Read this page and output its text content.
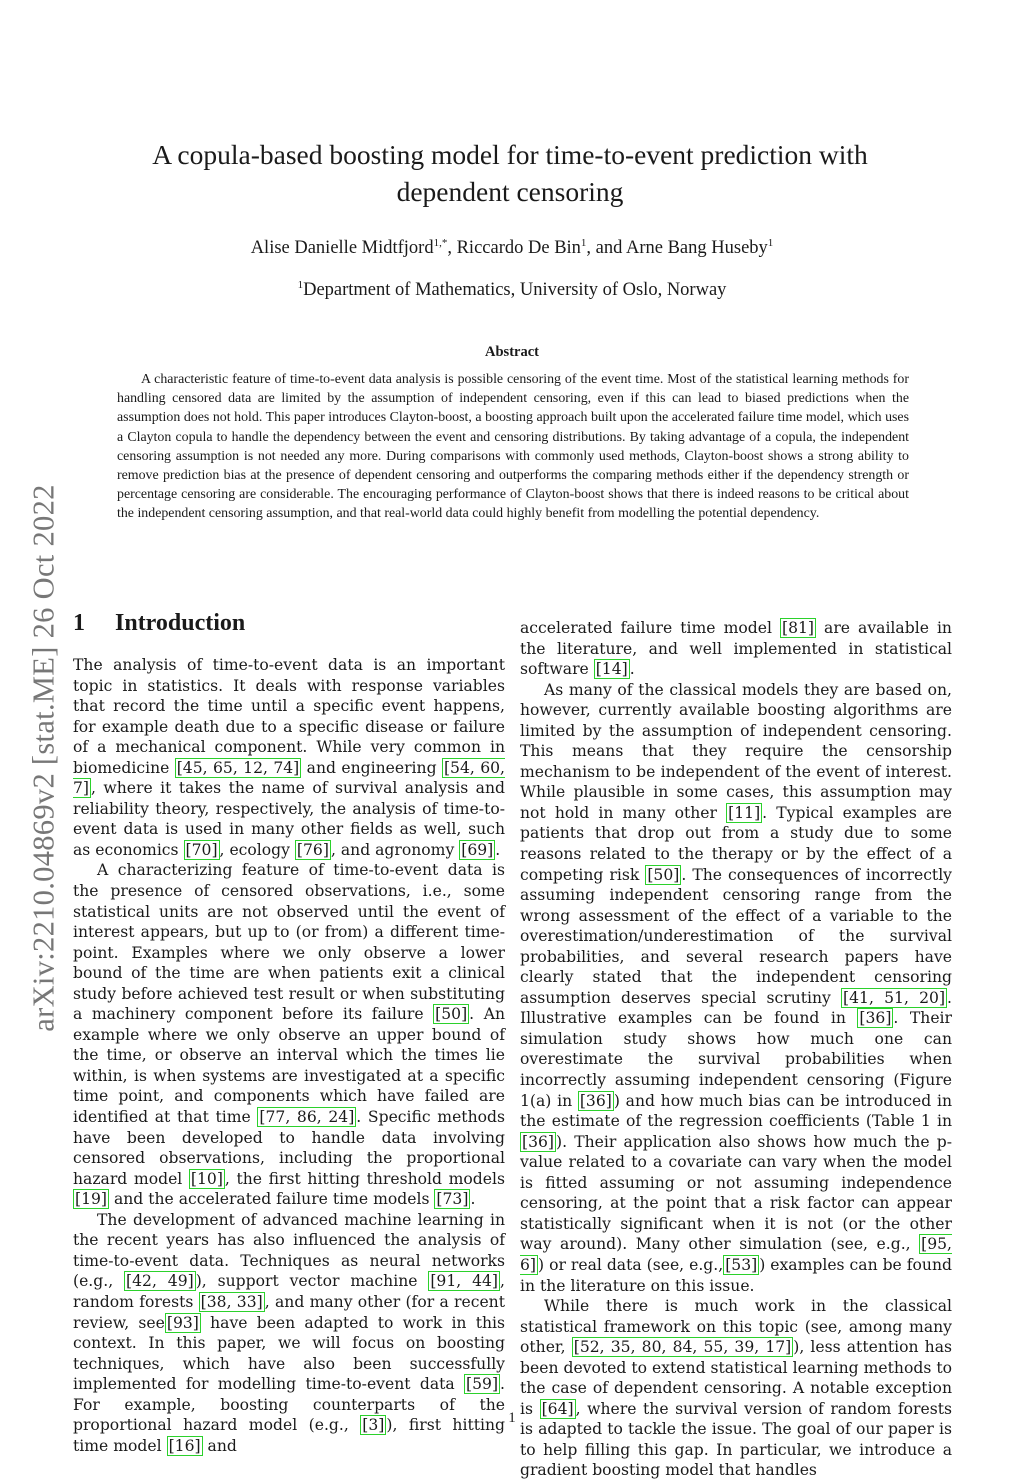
arXiv:2210.04869v2 [stat.ME] 26 Oct 2022
A copula-based boosting model for time-to-event prediction with
dependent censoring
Alise Danielle Midtfjord$^{1,*}$, Riccardo De Bin$^1$, and Arne Bang Huseby$^1$
$^1$Department of Mathematics, University of Oslo, Norway
Abstract

A characteristic feature of time-to-event data analysis is possible censoring of the event time. Most of the statistical learning methods for handling censored data are limited by the assumption of independent censoring, even if this can lead to biased predictions when the assumption does not hold. This paper introduces Clayton-boost, a boosting approach built upon the accelerated failure time model, which uses a Clayton copula to handle the dependency between the event and censoring distributions. By taking advantage of a copula, the independent censoring assumption is not needed any more. During comparisons with commonly used methods, Clayton-boost shows a strong ability to remove prediction bias at the presence of dependent censoring and outperforms the comparing methods either if the dependency strength or percentage censoring are considerable. The encouraging performance of Clayton-boost shows that there is indeed reasons to be critical about the independent censoring assumption, and that real-world data could highly benefit from modelling the potential dependency.

1 Introduction

The analysis of time-to-event data is an important topic in statistics. It deals with response variables that record the time until a specific event happens, for example death due to a specific disease or failure of a mechanical component. While very common in biomedicine [45, 65, 12, 74] and engineering [54, 60, 7] , where it takes the name of survival analysis and reliability theory, respectively, the analysis of time-to-event data is used in many other fields as well, such as economics [70] , ecology [76] , and agronomy [69] .

A characterizing feature of time-to-event data is the presence of censored observations, i.e., some statistical units are not observed until the event of interest appears, but up to (or from) a different time-point. Examples where we only observe a lower bound of the time are when patients exit a clinical study before achieved test result or when substituting a machinery component before its failure [50] . An example where we only observe an upper bound of the time, or observe an interval which the times lie within, is when systems are investigated at a specific time point, and components which have failed are identified at that time [77, 86, 24] . Specific methods have been developed to handle data involving censored observations, including the proportional hazard model [10] , the first hitting threshold models [19] and the accelerated failure time models [73] .

The development of advanced machine learning in the recent years has also influenced the analysis of time-to-event data. Techniques as neural networks (e.g., [42, 49] ), support vector machine [91, 44] , random forests [38, 33] , and many other (for a recent review, see [93] have been adapted to work in this context. In this paper, we will focus on boosting techniques, which have also been successfully implemented for modelling time-to-event data [59] . For example, boosting counterparts of the proportional hazard model (e.g., [3] ), first hitting time model [16] and

accelerated failure time model [81] are available in the literature, and well implemented in statistical software [14] .

As many of the classical models they are based on, however, currently available boosting algorithms are limited by the assumption of independent censoring. This means that they require the censorship mechanism to be independent of the event of interest. While plausible in some cases, this assumption may not hold in many other [11] . Typical examples are patients that drop out from a study due to some reasons related to the therapy or by the effect of a competing risk [50] . The consequences of incorrectly assuming independent censoring range from the wrong assessment of the effect of a variable to the overestimation/underestimation of the survival probabilities, and several research papers have clearly stated that the independent censoring assumption deserves special scrutiny [41, 51, 20] . Illustrative examples can be found in [36] . Their simulation study shows how much one can overestimate the survival probabilities when incorrectly assuming independent censoring (Figure 1(a) in [36] ) and how much bias can be introduced in the estimate of the regression coefficients (Table 1 in [36] ). Their application also shows how much the p-value related to a covariate can vary when the model is fitted assuming or not assuming independence censoring, at the point that a risk factor can appear statistically significant when it is not (or the other way around). Many other simulation (see, e.g., [95, 6] ) or real data (see, e.g., [53] ) examples can be found in the literature on this issue.

While there is much work in the classical statistical framework on this topic (see, among many other, [52, 35, 80, 84, 55, 39, 17] ), less attention has been devoted to extend statistical learning methods to the case of dependent censoring. A notable exception is [64] , where the survival version of random forests is adapted to tackle the issue. The goal of our paper is to help filling this gap. In particular, we introduce a gradient boosting model that handles

1
